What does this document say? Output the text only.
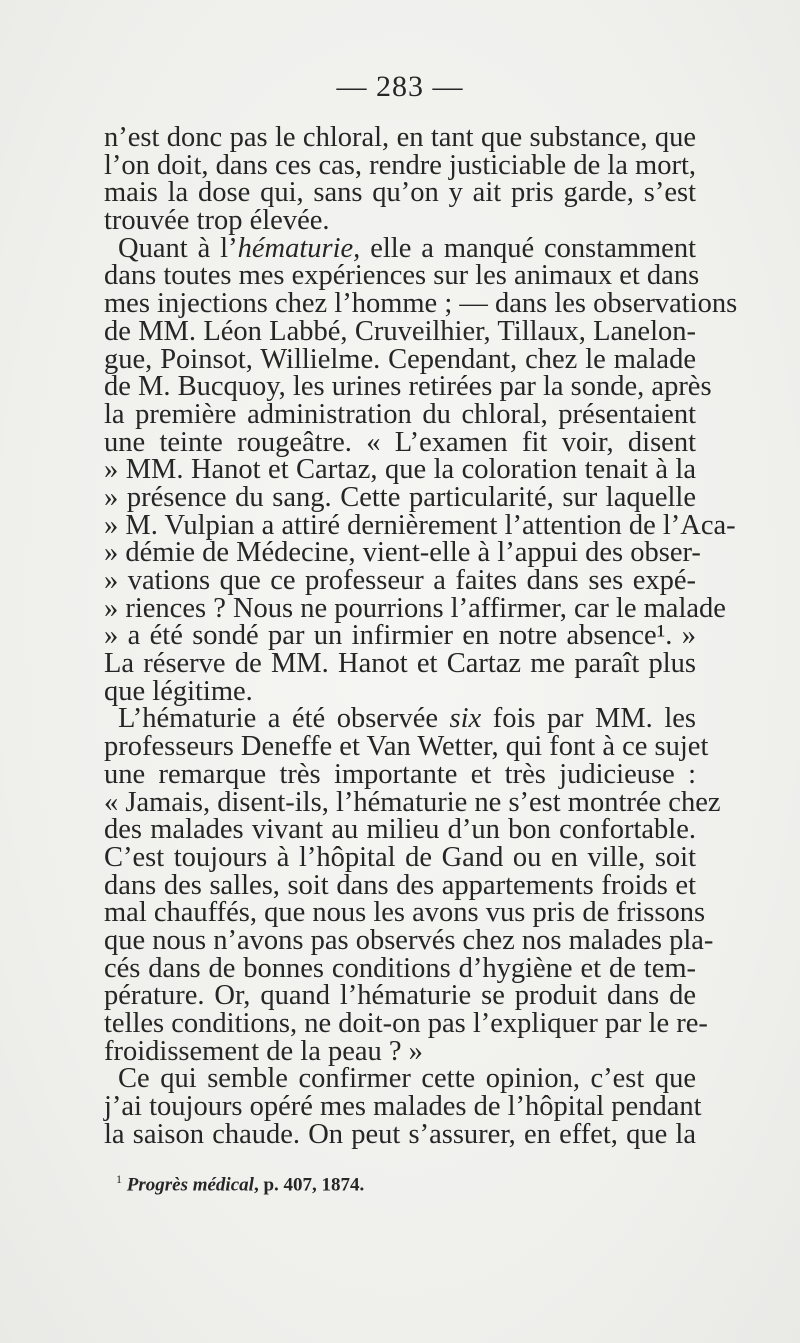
— 283 —
n’est donc pas le chloral, en tant que substance, que
l’on doit, dans ces cas, rendre justiciable de la mort,
mais la dose qui, sans qu’on y ait pris garde, s’est
trouvée trop élevée.
Quant à l’hématurie, elle a manqué constamment
dans toutes mes expériences sur les animaux et dans
mes injections chez l’homme ; — dans les observations
de MM. Léon Labbé, Cruveilhier, Tillaux, Lanelon-
gue, Poinsot, Willielme. Cependant, chez le malade
de M. Bucquoy, les urines retirées par la sonde, après
la première administration du chloral, présentaient
une teinte rougeâtre. « L’examen fit voir, disent
» MM. Hanot et Cartaz, que la coloration tenait à la
» présence du sang. Cette particularité, sur laquelle
» M. Vulpian a attiré dernièrement l’attention de l’Aca-
» démie de Médecine, vient-elle à l’appui des obser-
» vations que ce professeur a faites dans ses expé-
» riences ? Nous ne pourrions l’affirmer, car le malade
» a été sondé par un infirmier en notre absence¹. »
La réserve de MM. Hanot et Cartaz me paraît plus
que légitime.
L’hématurie a été observée six fois par MM. les
professeurs Deneffe et Van Wetter, qui font à ce sujet
une remarque très importante et très judicieuse :
« Jamais, disent-ils, l’hématurie ne s’est montrée chez
des malades vivant au milieu d’un bon confortable.
C’est toujours à l’hôpital de Gand ou en ville, soit
dans des salles, soit dans des appartements froids et
mal chauffés, que nous les avons vus pris de frissons
que nous n’avons pas observés chez nos malades pla-
cés dans de bonnes conditions d’hygiène et de tem-
pérature. Or, quand l’hématurie se produit dans de
telles conditions, ne doit-on pas l’expliquer par le re-
froidissement de la peau ? »
Ce qui semble confirmer cette opinion, c’est que
j’ai toujours opéré mes malades de l’hôpital pendant
la saison chaude. On peut s’assurer, en effet, que la
$^1$ Progrès médical, p. 407, 1874.
